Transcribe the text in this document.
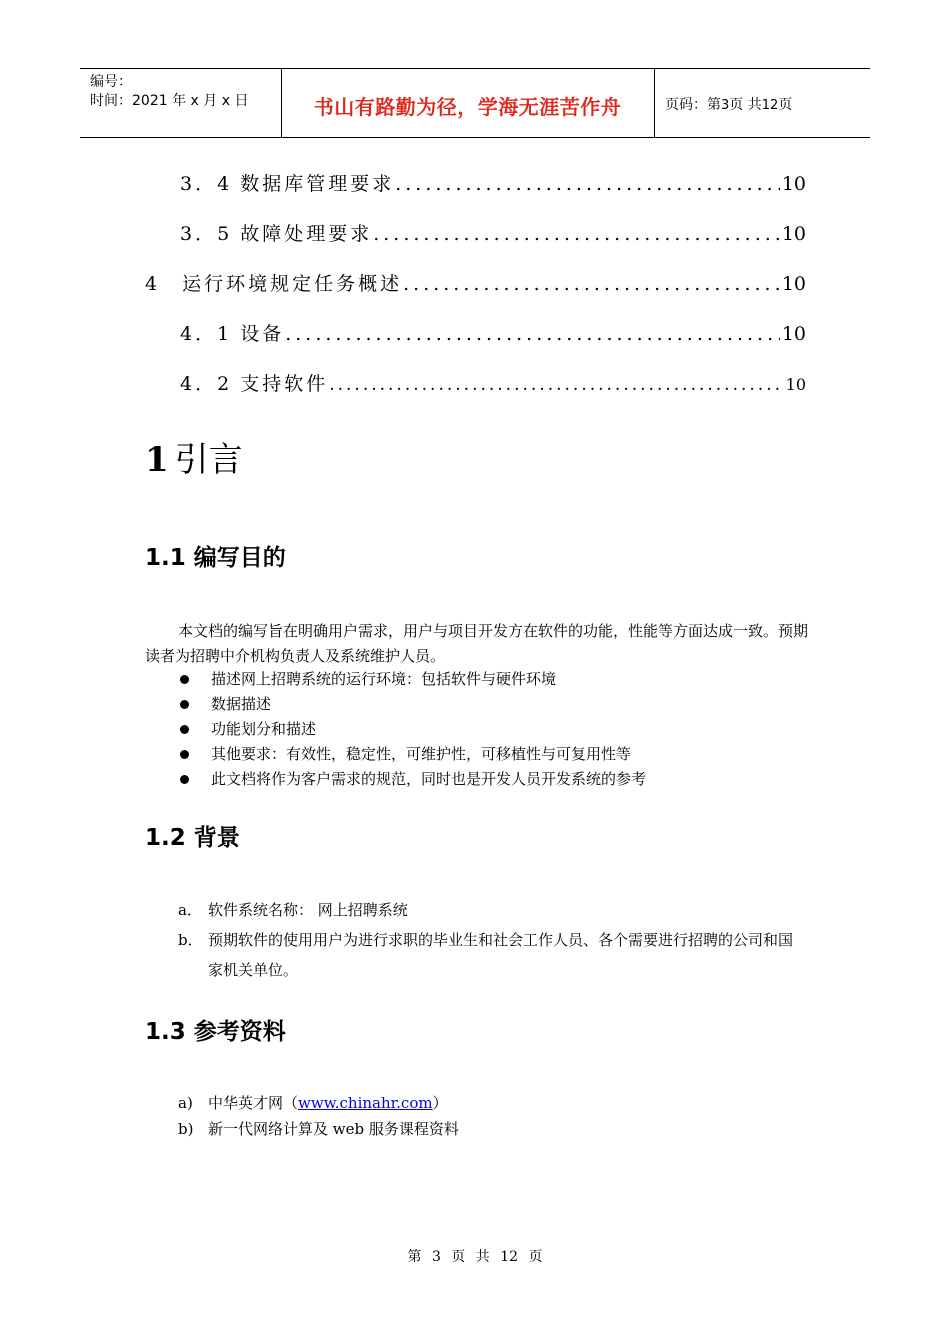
编号：
时间：2021 年 x 月 x 日	书山有路勤为径，学海无涯苦作舟	页码：第3页 共12页
3．4 数据库管理要求 .....	10
3．5 故障处理要求 .....	10
4 运行环境规定任务概述 .....	10
4．1 设备 .....	10
4．2 支持软件 .....	10
1 引言
1.1 编写目的
本文档的编写旨在明确用户需求，用户与项目开发方在软件的功能，性能等方面达成一致。预期读者为招聘中介机构负责人及系统维护人员。
描述网上招聘系统的运行环境：包括软件与硬件环境
数据描述
功能划分和描述
其他要求：有效性，稳定性，可维护性，可移植性与可复用性等
此文档将作为客户需求的规范，同时也是开发人员开发系统的参考
1.2 背景
a． 软件系统名称： 网上招聘系统
b． 预期软件的使用用户为进行求职的毕业生和社会工作人员、各个需要进行招聘的公司和国家机关单位。
1.3 参考资料
a) 中华英才网（www.chinahr.com）
b) 新一代网络计算及 web 服务课程资料
第 3 页 共 12 页
